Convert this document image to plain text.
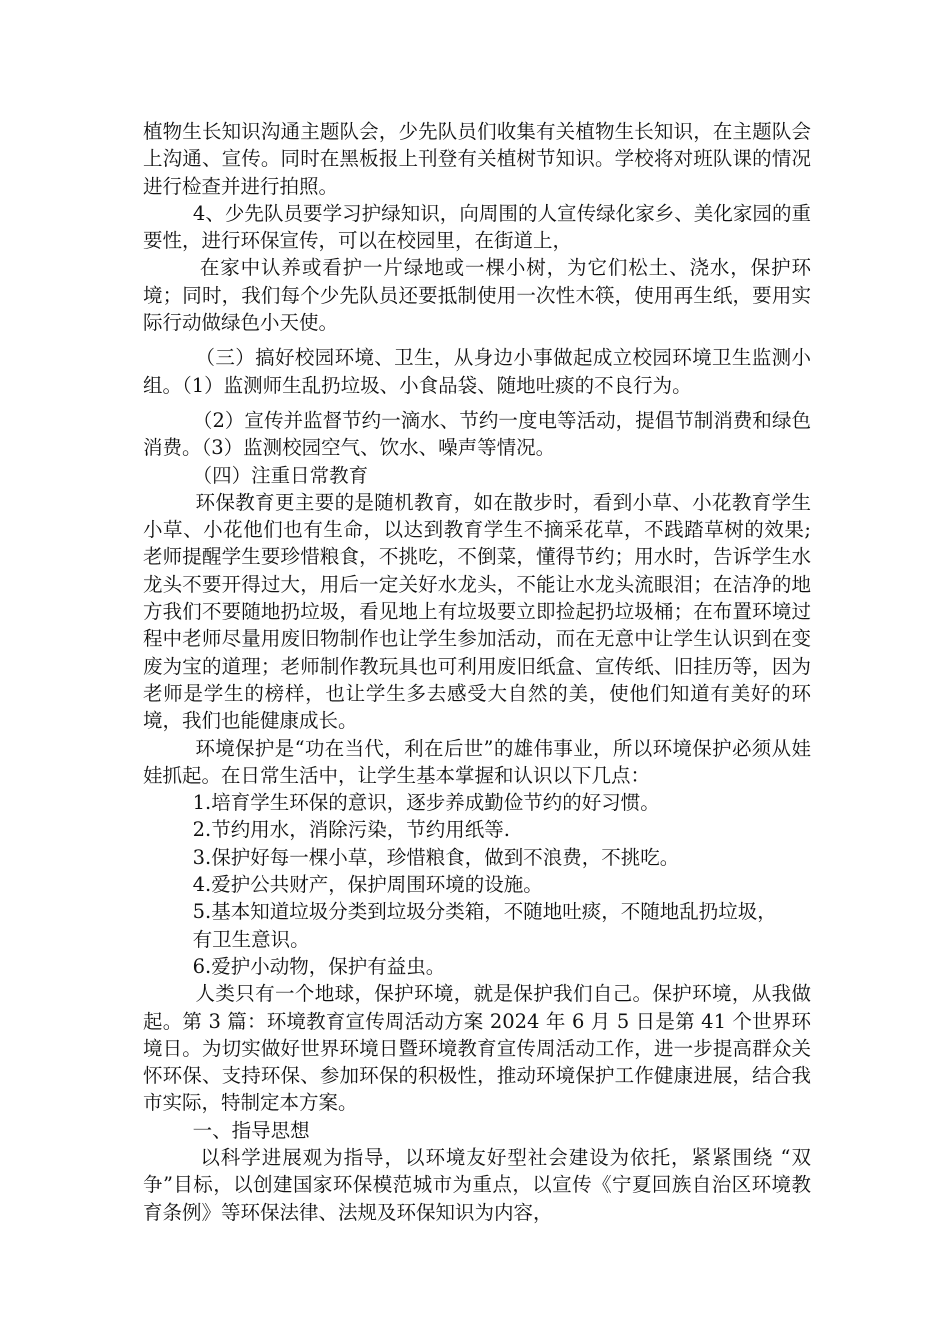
植物生长知识沟通主题队会，少先队员们收集有关植物生长知识，在主题队会上沟通、宣传。同时在黑板报上刊登有关植树节知识。学校将对班队课的情况进行检查并进行拍照。

4、少先队员要学习护绿知识，向周围的人宣传绿化家乡、美化家园的重要性，进行环保宣传，可以在校园里，在街道上，

在家中认养或看护一片绿地或一棵小树，为它们松土、浇水，保护环境；同时，我们每个少先队员还要抵制使用一次性木筷，使用再生纸，要用实际行动做绿色小天使。

（三）搞好校园环境、卫生，从身边小事做起成立校园环境卫生监测小组。（1）监测师生乱扔垃圾、小食品袋、随地吐痰的不良行为。

（2）宣传并监督节约一滴水、节约一度电等活动，提倡节制消费和绿色消费。（3）监测校园空气、饮水、噪声等情况。

（四）注重日常教育

环保教育更主要的是随机教育，如在散步时，看到小草、小花教育学生小草、小花他们也有生命，以达到教育学生不摘采花草，不践踏草树的效果;老师提醒学生要珍惜粮食，不挑吃，不倒菜，懂得节约；用水时，告诉学生水龙头不要开得过大，用后一定关好水龙头，不能让水龙头流眼泪；在洁净的地方我们不要随地扔垃圾，看见地上有垃圾要立即捡起扔垃圾桶；在布置环境过程中老师尽量用废旧物制作也让学生参加活动，而在无意中让学生认识到在变废为宝的道理；老师制作教玩具也可利用废旧纸盒、宣传纸、旧挂历等，因为老师是学生的榜样，也让学生多去感受大自然的美，使他们知道有美好的环境，我们也能健康成长。

环境保护是“功在当代，利在后世”的雄伟事业，所以环境保护必须从娃娃抓起。在日常生活中，让学生基本掌握和认识以下几点：

1.培育学生环保的意识，逐步养成勤俭节约的好习惯。

2.节约用水，消除污染，节约用纸等.

3.保护好每一棵小草，珍惜粮食，做到不浪费，不挑吃。

4.爱护公共财产，保护周围环境的设施。

5.基本知道垃圾分类到垃圾分类箱，不随地吐痰，不随地乱扔垃圾，

有卫生意识。

6.爱护小动物，保护有益虫。

人类只有一个地球，保护环境，就是保护我们自己。保护环境，从我做起。第 3 篇：环境教育宣传周活动方案 2024 年 6 月 5 日是第 41 个世界环境日。为切实做好世界环境日暨环境教育宣传周活动工作，进一步提高群众关怀环保、支持环保、参加环保的积极性，推动环境保护工作健康进展，结合我市实际，特制定本方案。

一、指导思想

以科学进展观为指导，以环境友好型社会建设为依托，紧紧围绕 “双争”目标，以创建国家环保模范城市为重点，以宣传《宁夏回族自治区环境教育条例》等环保法律、法规及环保知识为内容，
